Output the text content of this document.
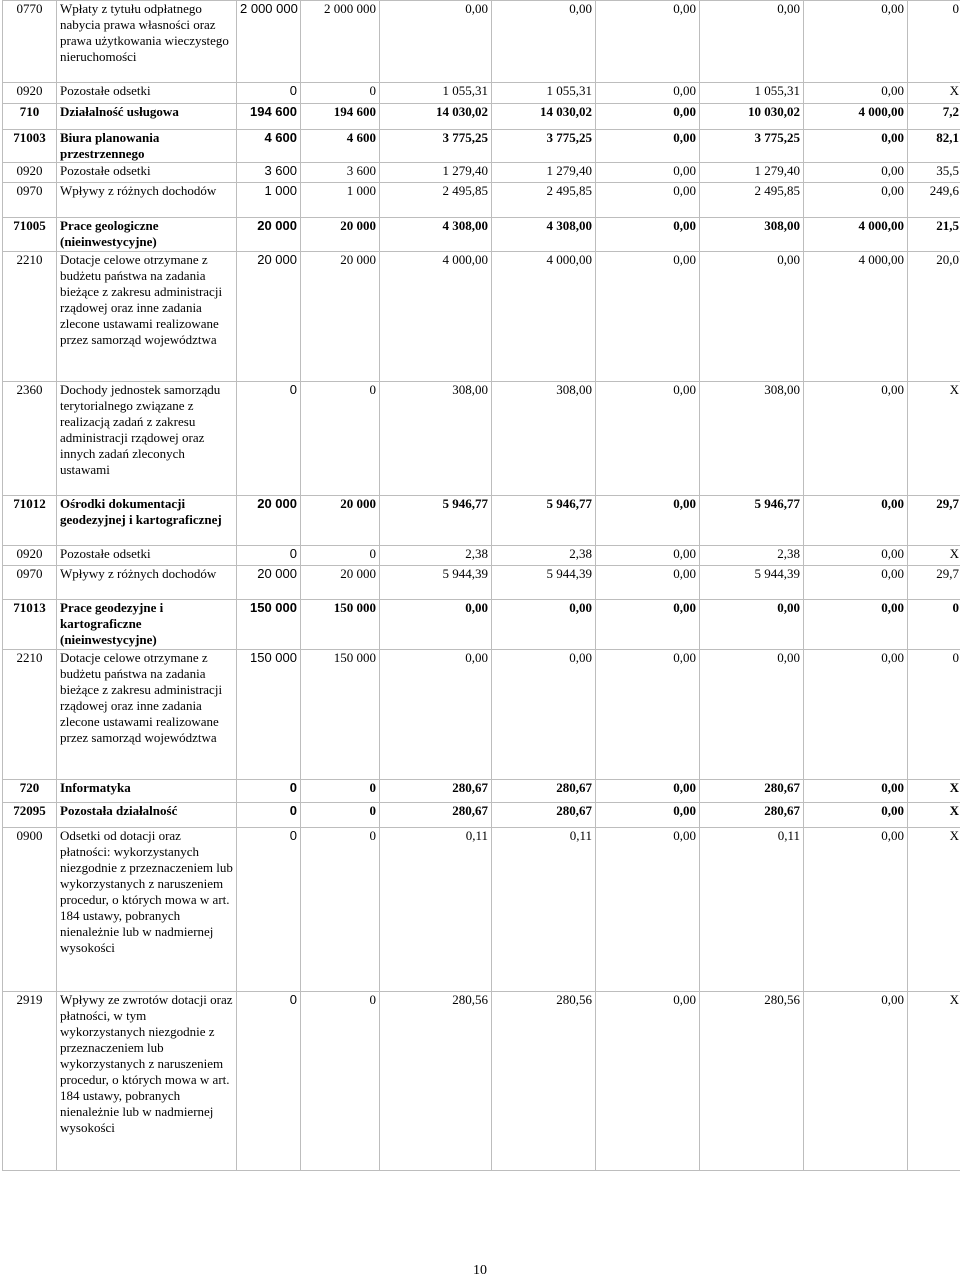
0770	Wpłaty z tytułu odpłatnego nabycia prawa własności oraz prawa użytkowania wieczystego nieruchomości	2 000 000	2 000 000	0,00	0,00	0,00	0,00	0,00	0
0920	Pozostałe odsetki	0	0	1 055,31	1 055,31	0,00	1 055,31	0,00	X
710	Działalność usługowa	194 600	194 600	14 030,02	14 030,02	0,00	10 030,02	4 000,00	7,2
71003	Biura planowania przestrzennego	4 600	4 600	3 775,25	3 775,25	0,00	3 775,25	0,00	82,1
0920	Pozostałe odsetki	3 600	3 600	1 279,40	1 279,40	0,00	1 279,40	0,00	35,5
0970	Wpływy z różnych dochodów	1 000	1 000	2 495,85	2 495,85	0,00	2 495,85	0,00	249,6
71005	Prace geologiczne (nieinwestycyjne)	20 000	20 000	4 308,00	4 308,00	0,00	308,00	4 000,00	21,5
2210	Dotacje celowe otrzymane z budżetu państwa na zadania bieżące z zakresu administracji rządowej oraz inne zadania zlecone ustawami realizowane przez samorząd województwa	20 000	20 000	4 000,00	4 000,00	0,00	0,00	4 000,00	20,0
2360	Dochody jednostek samorządu terytorialnego związane z realizacją zadań z zakresu administracji rządowej oraz innych zadań zleconych ustawami	0	0	308,00	308,00	0,00	308,00	0,00	X
71012	Ośrodki dokumentacji geodezyjnej i kartograficznej	20 000	20 000	5 946,77	5 946,77	0,00	5 946,77	0,00	29,7
0920	Pozostałe odsetki	0	0	2,38	2,38	0,00	2,38	0,00	X
0970	Wpływy z różnych dochodów	20 000	20 000	5 944,39	5 944,39	0,00	5 944,39	0,00	29,7
71013	Prace geodezyjne i kartograficzne (nieinwestycyjne)	150 000	150 000	0,00	0,00	0,00	0,00	0,00	0
2210	Dotacje celowe otrzymane z budżetu państwa na zadania bieżące z zakresu administracji rządowej oraz inne zadania zlecone ustawami realizowane przez samorząd województwa	150 000	150 000	0,00	0,00	0,00	0,00	0,00	0
720	Informatyka	0	0	280,67	280,67	0,00	280,67	0,00	X
72095	Pozostała działalność	0	0	280,67	280,67	0,00	280,67	0,00	X
0900	Odsetki od dotacji oraz płatności: wykorzystanych niezgodnie z przeznaczeniem lub wykorzystanych z naruszeniem procedur, o których mowa w art. 184 ustawy, pobranych nienależnie lub w nadmiernej wysokości	0	0	0,11	0,11	0,00	0,11	0,00	X
2919	Wpływy ze zwrotów dotacji oraz płatności, w tym wykorzystanych niezgodnie z przeznaczeniem lub wykorzystanych z naruszeniem procedur, o których mowa w art. 184 ustawy, pobranych nienależnie lub w nadmiernej wysokości	0	0	280,56	280,56	0,00	280,56	0,00	X
10
